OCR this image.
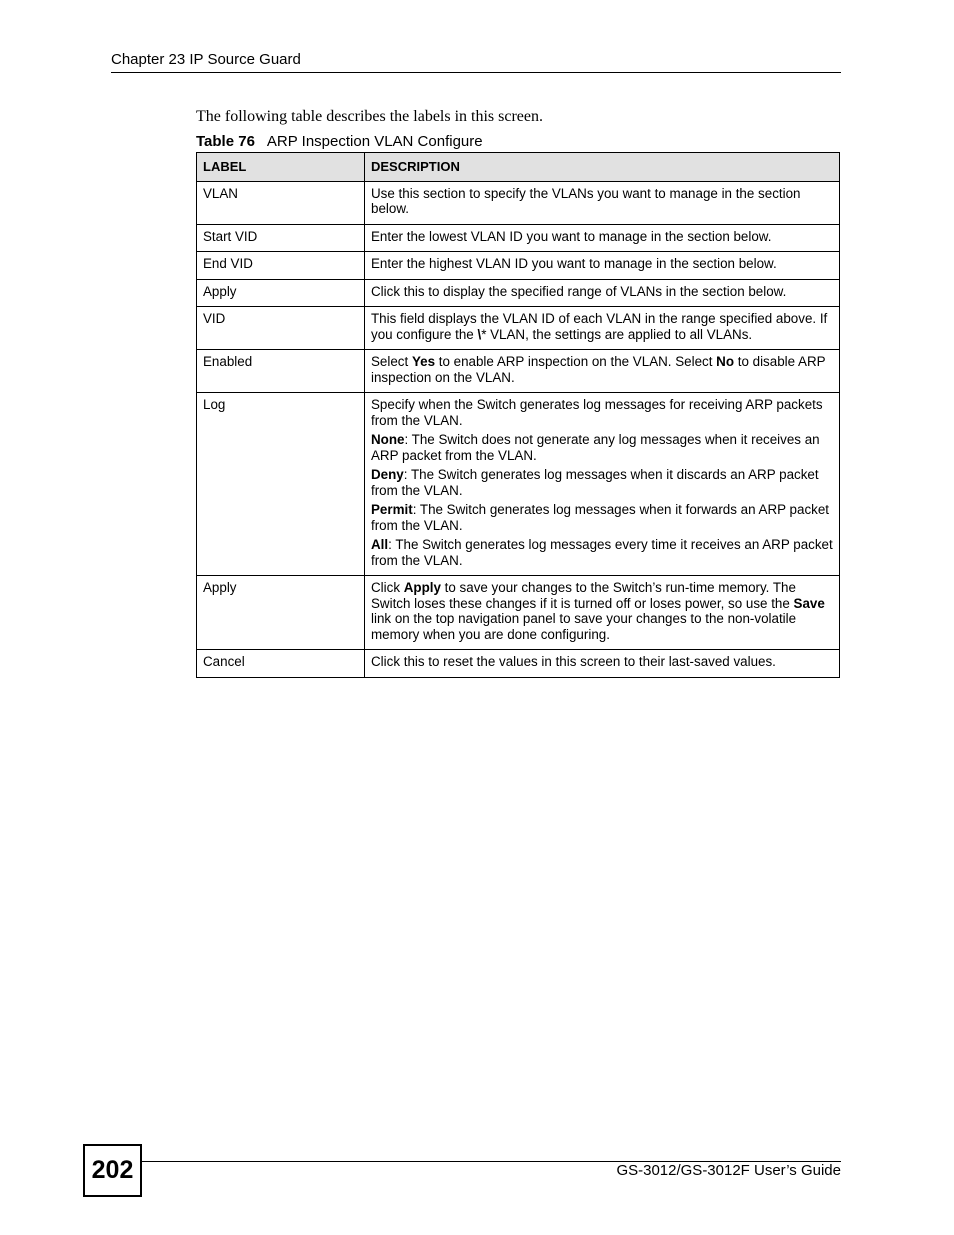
Chapter 23 IP Source Guard
The following table describes the labels in this screen.
Table 76 ARP Inspection VLAN Configure
LABEL	DESCRIPTION
VLAN	Use this section to specify the VLANs you want to manage in the section below.

Start VID	Enter the lowest VLAN ID you want to manage in the section below.

End VID	Enter the highest VLAN ID you want to manage in the section below.

Apply	Click this to display the specified range of VLANs in the section below.

VID	This field displays the VLAN ID of each VLAN in the range specified above. If you configure the \* VLAN, the settings are applied to all VLANs.

Enabled	Select Yes to enable ARP inspection on the VLAN. Select No to disable ARP inspection on the VLAN.

Log	Specify when the Switch generates log messages for receiving ARP packets from the VLAN.
None: The Switch does not generate any log messages when it receives an ARP packet from the VLAN.
Deny: The Switch generates log messages when it discards an ARP packet from the VLAN.
Permit: The Switch generates log messages when it forwards an ARP packet from the VLAN.
All: The Switch generates log messages every time it receives an ARP packet from the VLAN.

Apply	Click Apply to save your changes to the Switch’s run-time memory. The Switch loses these changes if it is turned off or loses power, so use the Save link on the top navigation panel to save your changes to the non-volatile memory when you are done configuring.

Cancel	Click this to reset the values in this screen to their last-saved values.
202	GS-3012/GS-3012F User’s Guide
